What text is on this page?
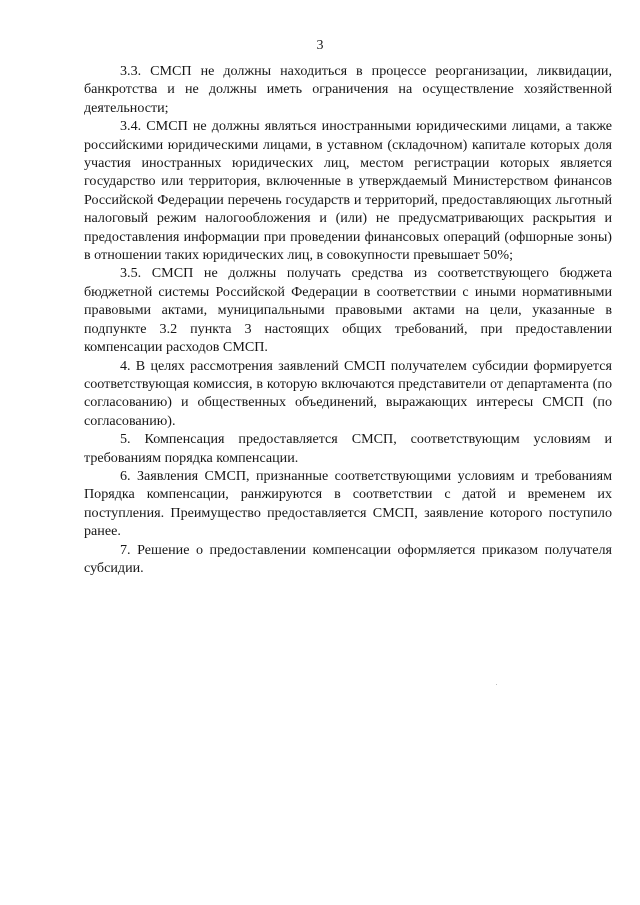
3

3.3. СМСП не должны находиться в процессе реорганизации, ликвидации, банкротства и не должны иметь ограничения на осуществление хозяйственной деятельности;

3.4. СМСП не должны являться иностранными юридическими лицами, а также российскими юридическими лицами, в уставном (складочном) капитале которых доля участия иностранных юридических лиц, местом регистрации которых является государство или территория, включенные в утверждаемый Министерством финансов Российской Федерации перечень государств и территорий, предоставляющих льготный налоговый режим налогообложения и (или) не предусматривающих раскрытия и предоставления информации при проведении финансовых операций (офшорные зоны) в отношении таких юридических лиц, в совокупности превышает 50%;

3.5. СМСП не должны получать средства из соответствующего бюджета бюджетной системы Российской Федерации в соответствии с иными нормативными правовыми актами, муниципальными правовыми актами на цели, указанные в подпункте 3.2 пункта 3 настоящих общих требований, при предоставлении компенсации расходов СМСП.

4. В целях рассмотрения заявлений СМСП получателем субсидии формируется соответствующая комиссия, в которую включаются представители от департамента (по согласованию) и общественных объединений, выражающих интересы СМСП (по согласованию).

5. Компенсация предоставляется СМСП, соответствующим условиям и требованиям порядка компенсации.

6. Заявления СМСП, признанные соответствующими условиям и требованиям Порядка компенсации, ранжируются в соответствии с датой и временем их поступления. Преимущество предоставляется СМСП, заявление которого поступило ранее.

7. Решение о предоставлении компенсации оформляется приказом получателя субсидии.
